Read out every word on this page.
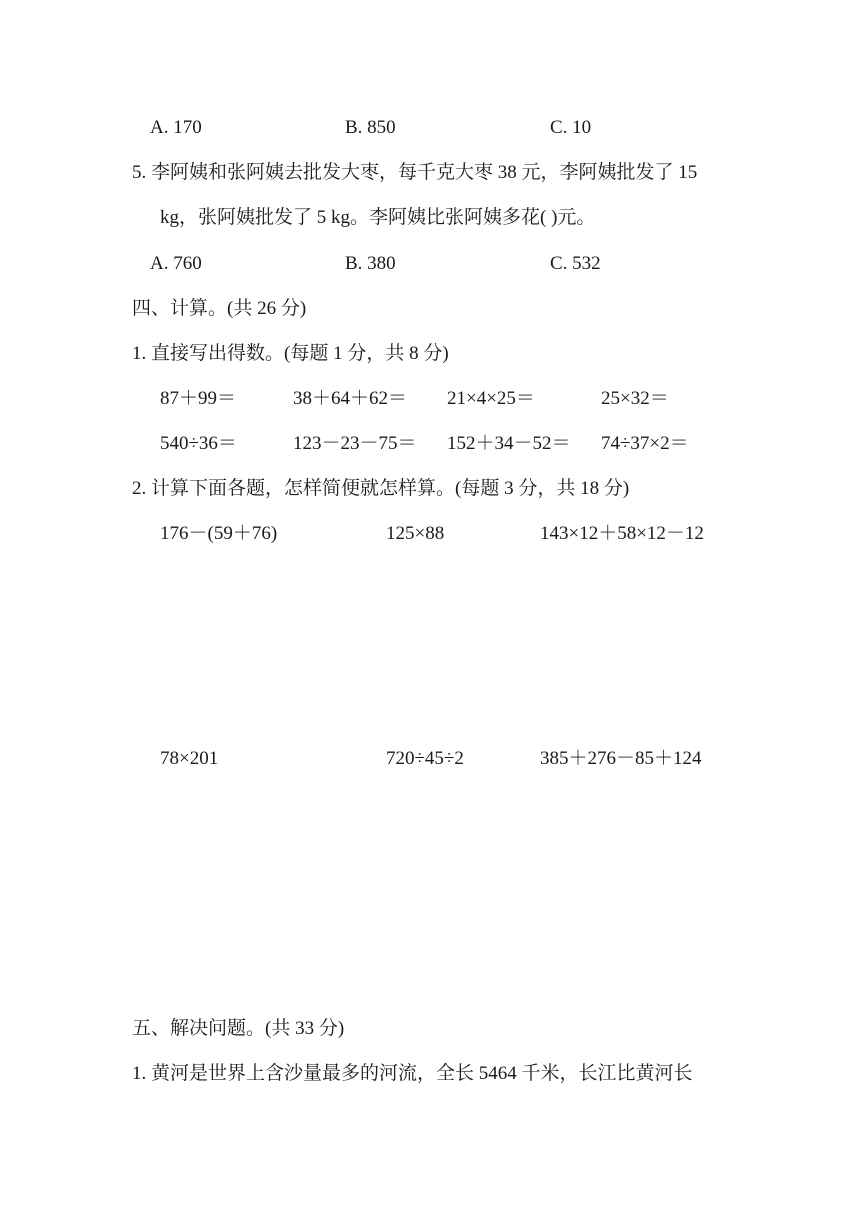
A. 170	B. 850	C. 10
5. 李阿姨和张阿姨去批发大枣，每千克大枣 38 元，李阿姨批发了 15
kg，张阿姨批发了 5 kg。李阿姨比张阿姨多花( )元。
A. 760	B. 380	C. 532
四、计算。(共 26 分)
1. 直接写出得数。(每题 1 分，共 8 分)
87＋99＝	38＋64＋62＝ 21×4×25＝	25×32＝
540÷36＝	123－23－75＝ 152＋34－52＝ 74÷37×2＝
2. 计算下面各题，怎样简便就怎样算。(每题 3 分，共 18 分)
176－(59＋76)	125×88	143×12＋58×12－12
78×201	720÷45÷2	385＋276－85＋124
五、解决问题。(共 33 分)
1. 黄河是世界上含沙量最多的河流，全长 5464 千米，长江比黄河长
